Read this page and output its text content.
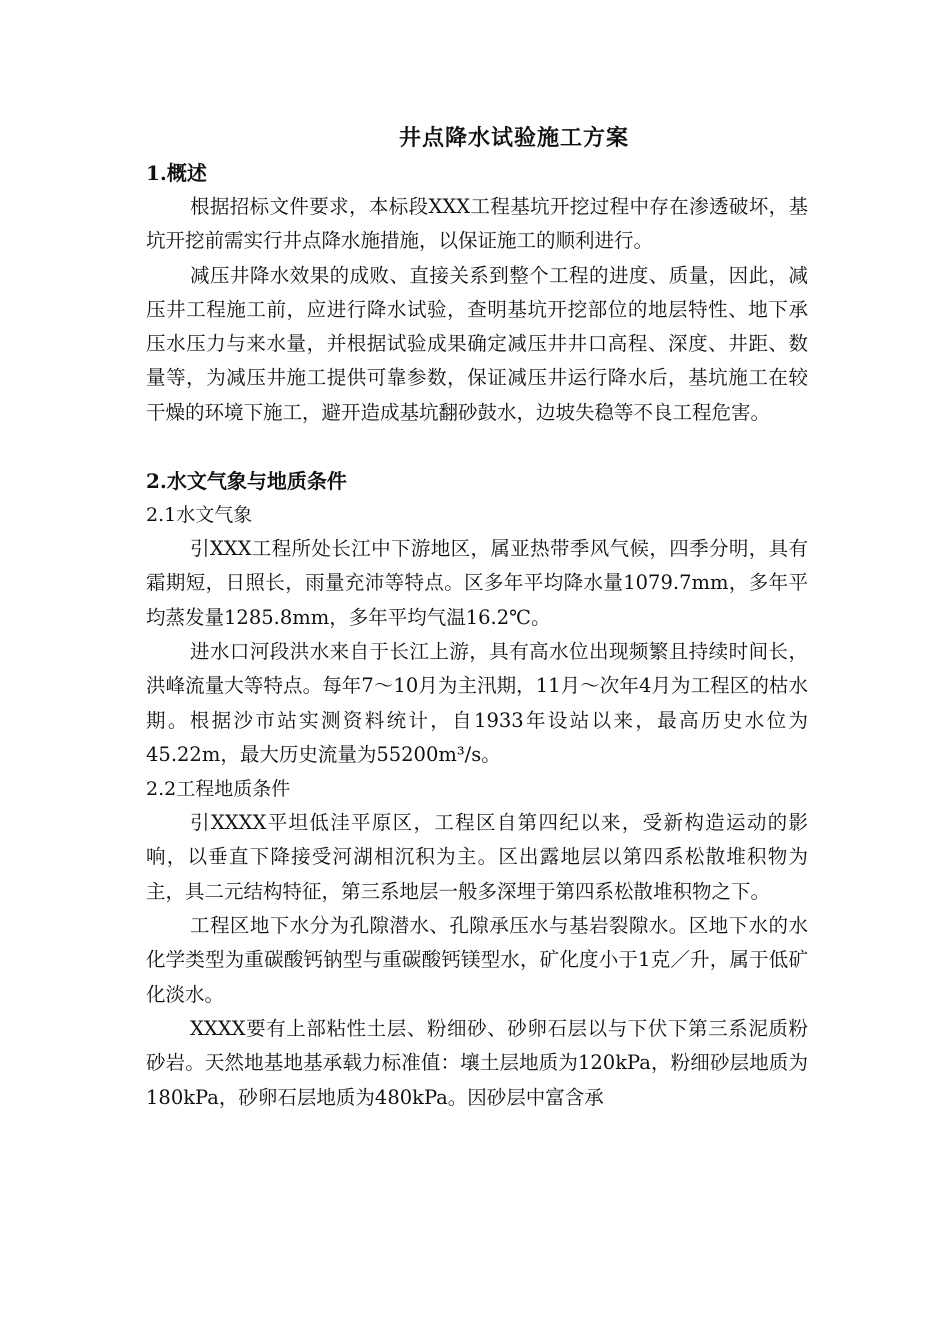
井点降水试验施工方案

1.概述

根据招标文件要求，本标段XXX工程基坑开挖过程中存在渗透破坏，基坑开挖前需实行井点降水施措施，以保证施工的顺利进行。

减压井降水效果的成败、直接关系到整个工程的进度、质量，因此，减压井工程施工前，应进行降水试验，查明基坑开挖部位的地层特性、地下承压水压力与来水量，并根据试验成果确定减压井井口高程、深度、井距、数量等，为减压井施工提供可靠参数，保证减压井运行降水后，基坑施工在较干燥的环境下施工，避开造成基坑翻砂鼓水，边坡失稳等不良工程危害。

2.水文气象与地质条件

2.1水文气象

引XXX工程所处长江中下游地区，属亚热带季风气候，四季分明，具有霜期短，日照长，雨量充沛等特点。区多年平均降水量1079.7mm，多年平均蒸发量1285.8mm，多年平均气温16.2℃。

进水口河段洪水来自于长江上游，具有高水位出现频繁且持续时间长，洪峰流量大等特点。每年7～10月为主汛期，11月～次年4月为工程区的枯水期。根据沙市站实测资料统计，自1933年设站以来，最高历史水位为45.22m，最大历史流量为55200m³/s。

2.2工程地质条件

引XXXX平坦低洼平原区，工程区自第四纪以来，受新构造运动的影响，以垂直下降接受河湖相沉积为主。区出露地层以第四系松散堆积物为主，具二元结构特征，第三系地层一般多深埋于第四系松散堆积物之下。

工程区地下水分为孔隙潜水、孔隙承压水与基岩裂隙水。区地下水的水化学类型为重碳酸钙钠型与重碳酸钙镁型水，矿化度小于1克／升，属于低矿化淡水。

XXXX要有上部粘性土层、粉细砂、砂卵石层以与下伏下第三系泥质粉砂岩。天然地基地基承载力标准值：壤土层地质为120kPa，粉细砂层地质为180kPa，砂卵石层地质为480kPa。因砂层中富含承
